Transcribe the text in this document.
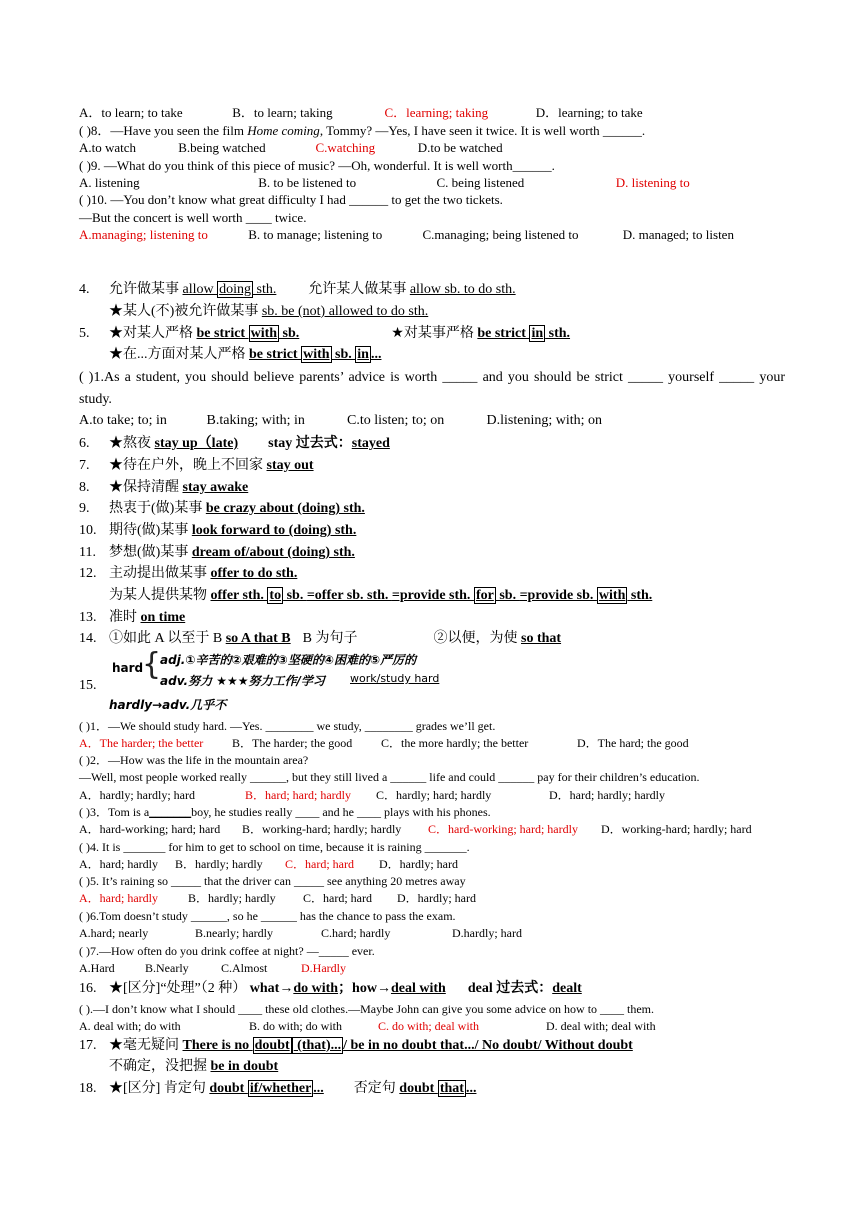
A．to learn; to take	B．to learn; taking	C．learning; taking	D．learning; to take
( )8．—Have you seen the film Home coming, Tommy? —Yes, I have seen it twice. It is well worth ______.
A.to watch	B.being watched	C.watching	D.to be watched
( )9. —What do you think of this piece of music? —Oh, wonderful. It is well worth______.
A. listening	B. to be listened to	C. being listened	D. listening to
( )10. —You don’t know what great difficulty I had ______ to get the two tickets.
—But the concert is well worth ____ twice.
A.managing; listening to	B. to manage; listening to	C.managing; being listened to	D. managed; to listen
4. 允许做某事 allow doing sth. 允许某人做某事 allow sb. to do sth.
★某人(不)被允许做某事 sb. be (not) allowed to do sth.
5. ★对某人严格 be strict with sb.	★对某事严格 be strict in sth.
★在...方面对某人严格 be strict with sb. in ...
( )1.As a student, you should believe parents’ advice is worth _____ and you should be strict _____ yourself _____ your study.
A.to take; to; in	B.taking; with; in	C.to listen; to; on	D.listening; with; on
6. ★熬夜 stay up（late) stay 过去式：stayed
7. ★待在户外，晚上不回家 stay out
8. ★保持清醒 stay awake
9. 热衷于(做)某事 be crazy about (doing) sth.
10. 期待(做)某事 look forward to (doing) sth.
11. 梦想(做)某事 dream of/about (doing) sth.
12. 主动提出做某事 offer to do sth.
为某人提供某物 offer sth. to sb. =offer sb. sth. =provide sth. for sb. =provide sb. with sth.
13. 准时 on time
14. ①如此 A 以至于 B so A that B B 为句子	②以便，为使 so that
15.
hard
{
adj.①辛苦的②艰难的③坚硬的④困难的⑤严厉的
adv.努力 ★★★努力工作/学习 work/study hard
hardly→adv.几乎不
( )1．—We should study hard. —Yes. ________ we study, ________ grades we’ll get.
A．The harder; the better B．The harder; the good C．the more hardly; the better	D．The hard; the good
( )2．—How was the life in the mountain area?
—Well, most people worked really ______, but they still lived a ______ life and could ______ pay for their children’s education.
A．hardly; hardly; hard	B．hard; hard; hardly C．hardly; hard; hardly	D．hard; hardly; hardly
( )3．Tom is a_______boy, he studies really ____ and he ____ plays with his phones.
A．hard-working; hard; hard B．working-hard; hardly; hardly C．hard-working; hard; hardly D．working-hard; hardly; hard
( )4. It is _______ for him to get to school on time, because it is raining _______.
A．hard; hardly B．hardly; hardly C．hard; hard D．hardly; hard
( )5. It’s raining so _____ that the driver can _____ see anything 20 metres away
A．hard; hardly	B．hardly; hardly C．hard; hard D．hardly; hard
( )6.Tom doesn’t study ______, so he ______ has the chance to pass the exam.
A.hard; nearly	B.nearly; hardly	C.hard; hardly	D.hardly; hard
( )7.—How often do you drink coffee at night? —_____ ever.
A.Hard	B.Nearly	C.Almost	D.Hardly
16. ★[区分]“处理”（2 种） what→do with；how→deal with deal 过去式：dealt
( ).—I don’t know what I should ____ these old clothes.—Maybe John can give you some advice on how to ____ them.
A. deal with; do with	B. do with; do with	C. do with; deal with	D. deal with; deal with
17. ★毫无疑问 There is no doubt (that)... / be in no doubt that.../ No doubt/ Without doubt
不确定，没把握 be in doubt
18. ★[区分] 肯定句 doubt if/whether ... 否定句 doubt that ...
